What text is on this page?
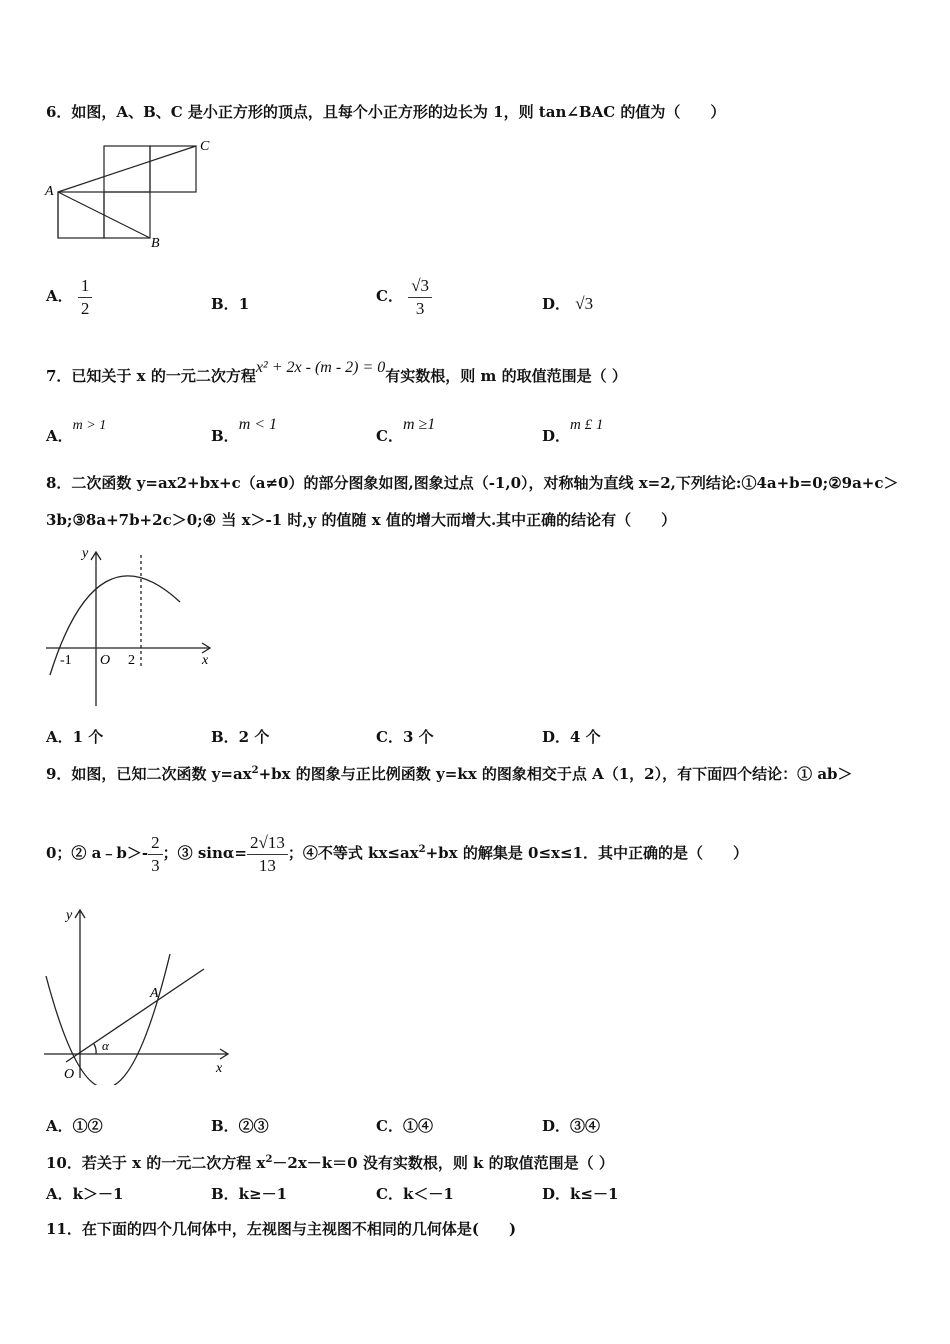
6．如图，A、B、C 是小正方形的顶点，且每个小正方形的边长为 1，则 tan∠BAC 的值为（　　）
C
A
B
A． $\frac{1}{2}$	B．1	C． $\frac{√3}{3}$	D． √3
7．已知关于 x 的一元二次方程x² + 2x - (m - 2) = 0有实数根，则 m 的取值范围是（ ）
A．m > 1
B．m < 1
C．m ≥1
D．m £ 1
8．二次函数 y=ax2+bx+c（a≠0）的部分图象如图,图象过点（-1,0），对称轴为直线 x=2,下列结论:①4a+b=0;②9a+c＞
3b;③8a+7b+2c＞0;④ 当 x＞-1 时,y 的值随 x 值的增大而增大.其中正确的结论有（　　）
y
x
-1 O 2
A．1 个	B．2 个	C．3 个	D．4 个
9．如图，已知二次函数 $y=ax^2+bx$ 的图象与正比例函数 y=kx 的图象相交于点 A（1，2），有下面四个结论：① ab＞
0；② a﹣b＞- $\frac{2}{3}$ ；③ $\sin\alpha= \frac{2√13}{13}$ ；④不等式 $kx\le ax^2+bx$ 的解集是 0≤x≤1．其中正确的是（　　）
y
x
O
A
α
A．①②	B．②③	C．①④	D．③④
10．若关于 x 的一元二次方程 $x^2-2x-k=0$ 没有实数根，则 k 的取值范围是（ ）
A．k＞－1	B．k≥－1	C．k＜－1	D．k≤－1
11．在下面的四个几何体中，左视图与主视图不相同的几何体是(　　)
